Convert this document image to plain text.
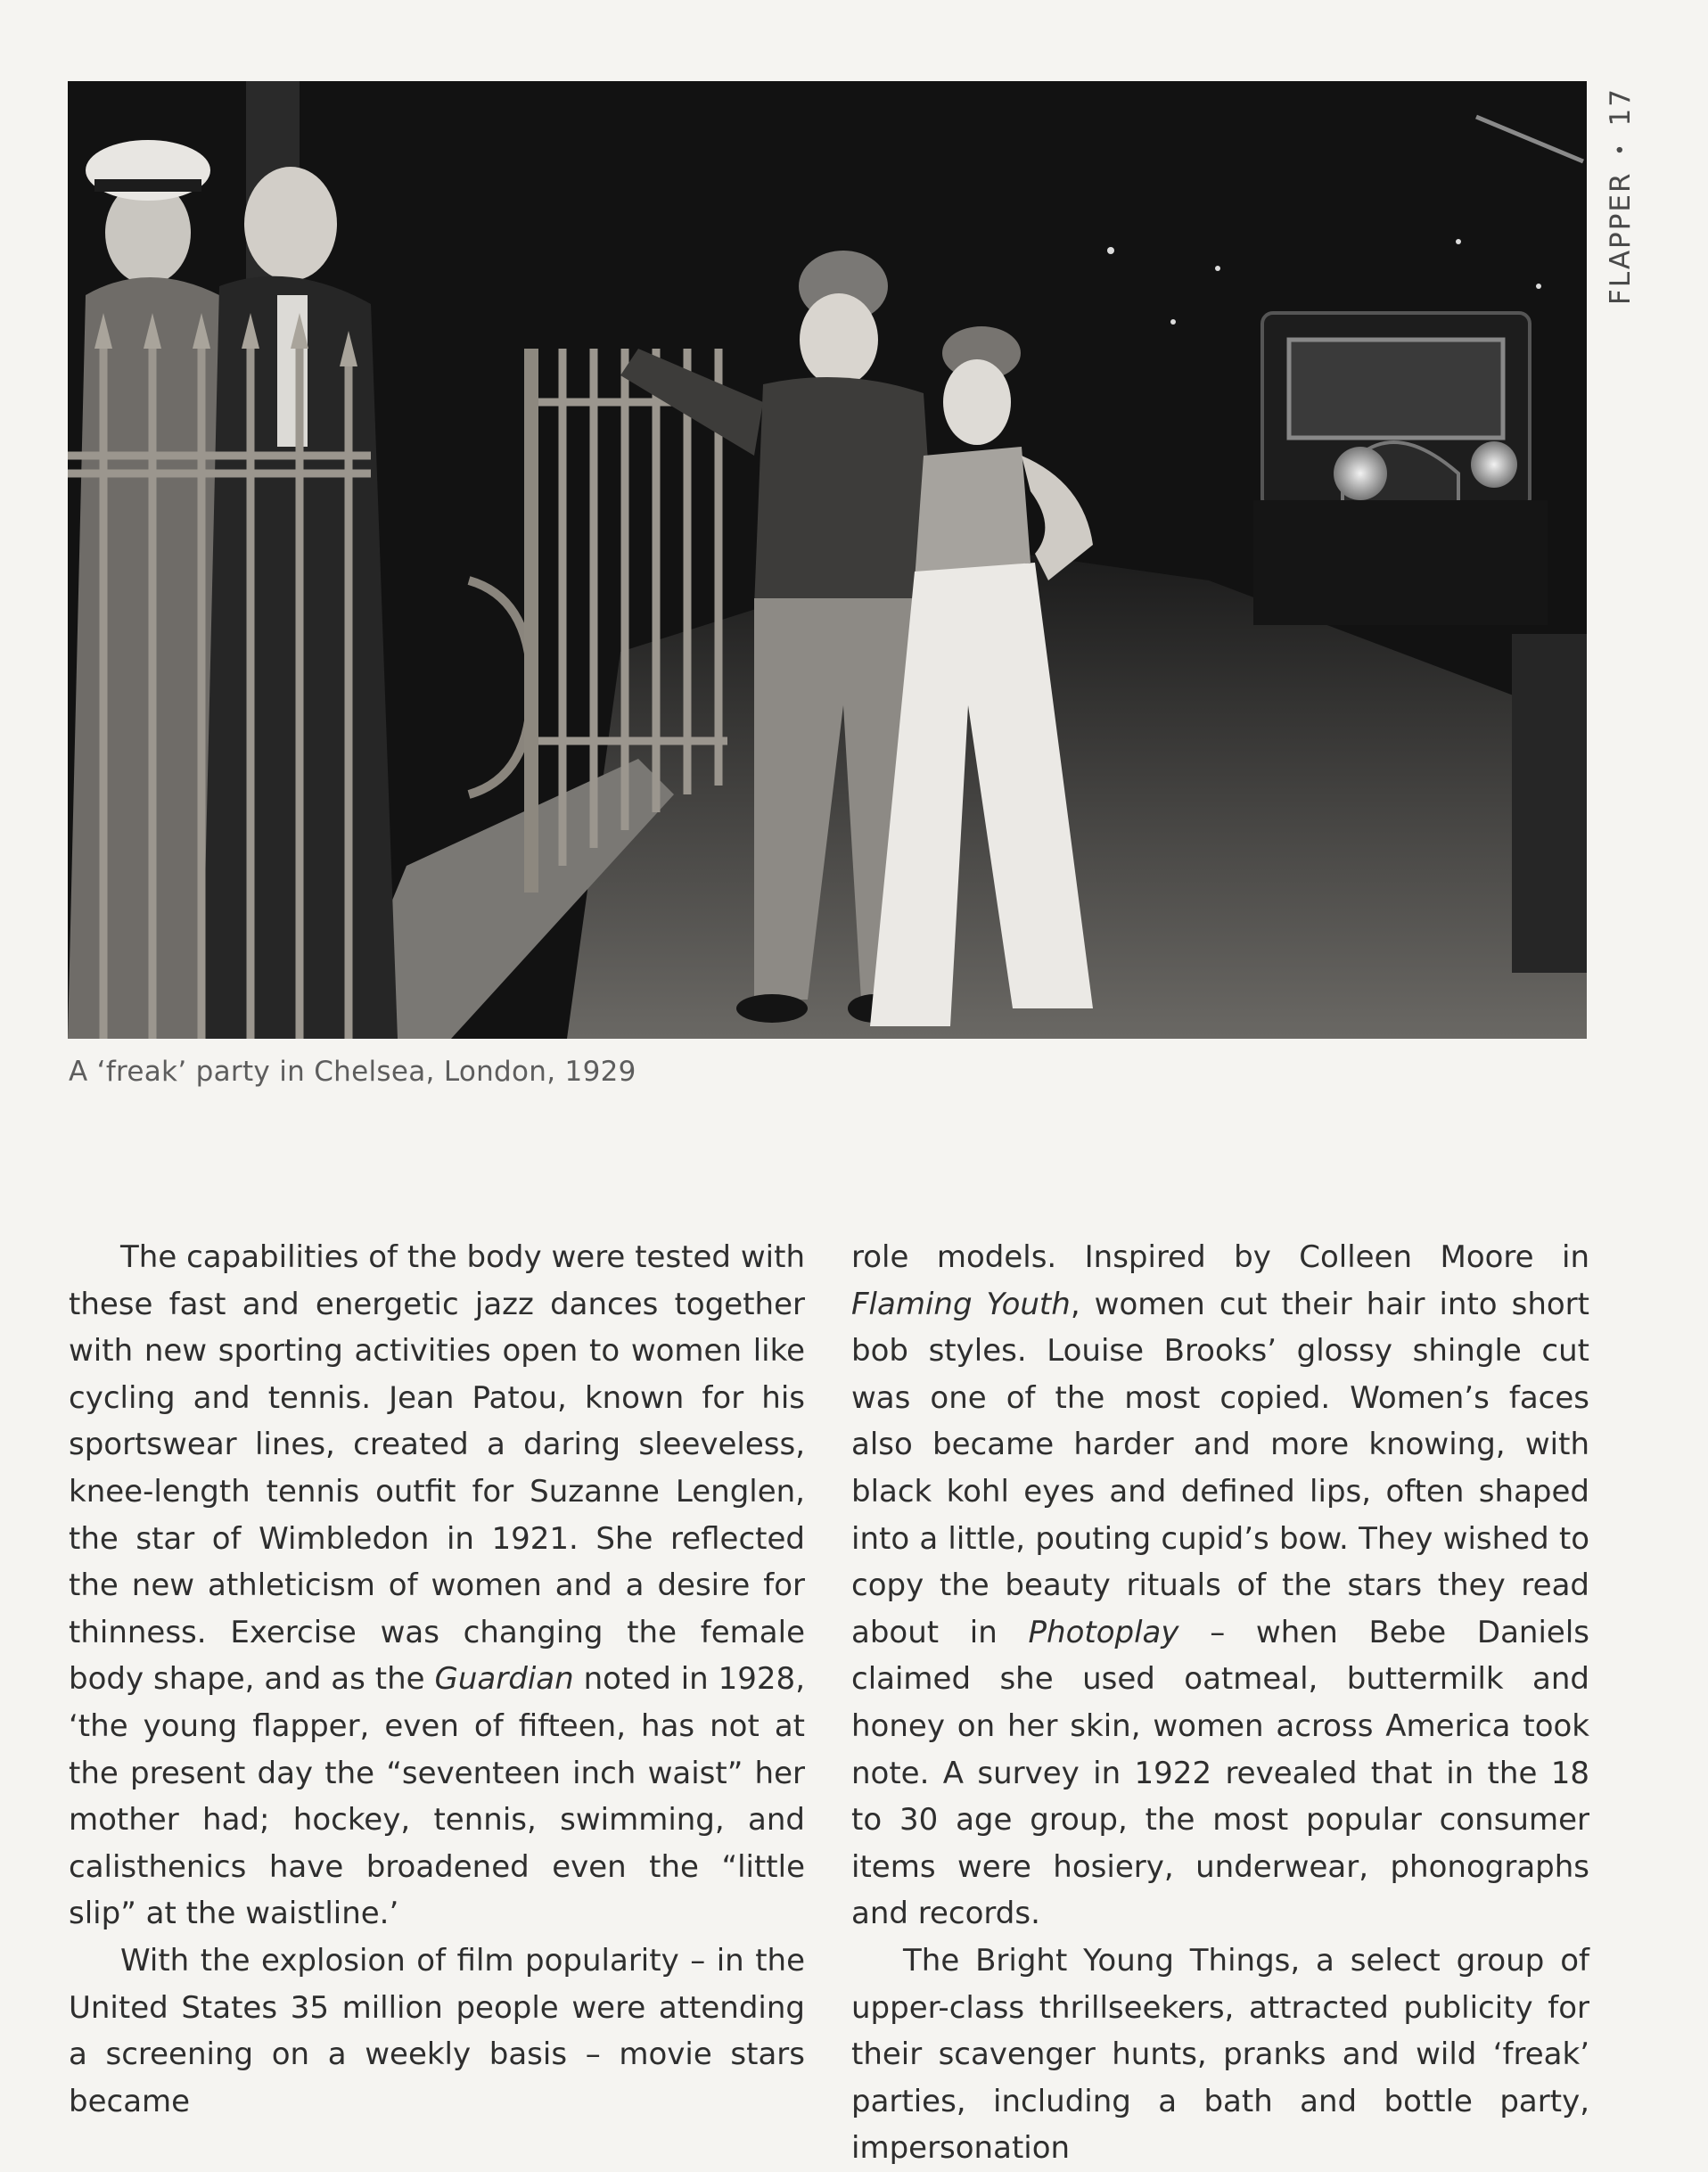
FLAPPER
•
17
A ‘freak’ party in Chelsea, London, 1929

The capabilities of the body were tested with these fast and energetic jazz dances together with new sporting activities open to women like cycling and tennis. Jean Patou, known for his sportswear lines, created a daring sleeveless, knee-length tennis outfit for Suzanne Lenglen, the star of Wimbledon in 1921. She reflected the new athleticism of women and a desire for thinness. Exercise was changing the female body shape, and as the Guardian noted in 1928, ‘the young flapper, even of fifteen, has not at the present day the “seventeen inch waist” her mother had; hockey, tennis, swimming, and calisthenics have broadened even the “little slip” at the waistline.’

With the explosion of film popularity – in the United States 35 million people were attending a screening on a weekly basis – movie stars became

role models. Inspired by Colleen Moore in Flaming Youth, women cut their hair into short bob styles. Louise Brooks’ glossy shingle cut was one of the most copied. Women’s faces also became harder and more knowing, with black kohl eyes and defined lips, often shaped into a little, pouting cupid’s bow. They wished to copy the beauty rituals of the stars they read about in Photoplay – when Bebe Daniels claimed she used oatmeal, buttermilk and honey on her skin, women across America took note. A survey in 1922 revealed that in the 18 to 30 age group, the most popular consumer items were hosiery, underwear, phonographs and records.

The Bright Young Things, a select group of upper-class thrillseekers, attracted publicity for their scavenger hunts, pranks and wild ‘freak’ parties, including a bath and bottle party, impersonation
